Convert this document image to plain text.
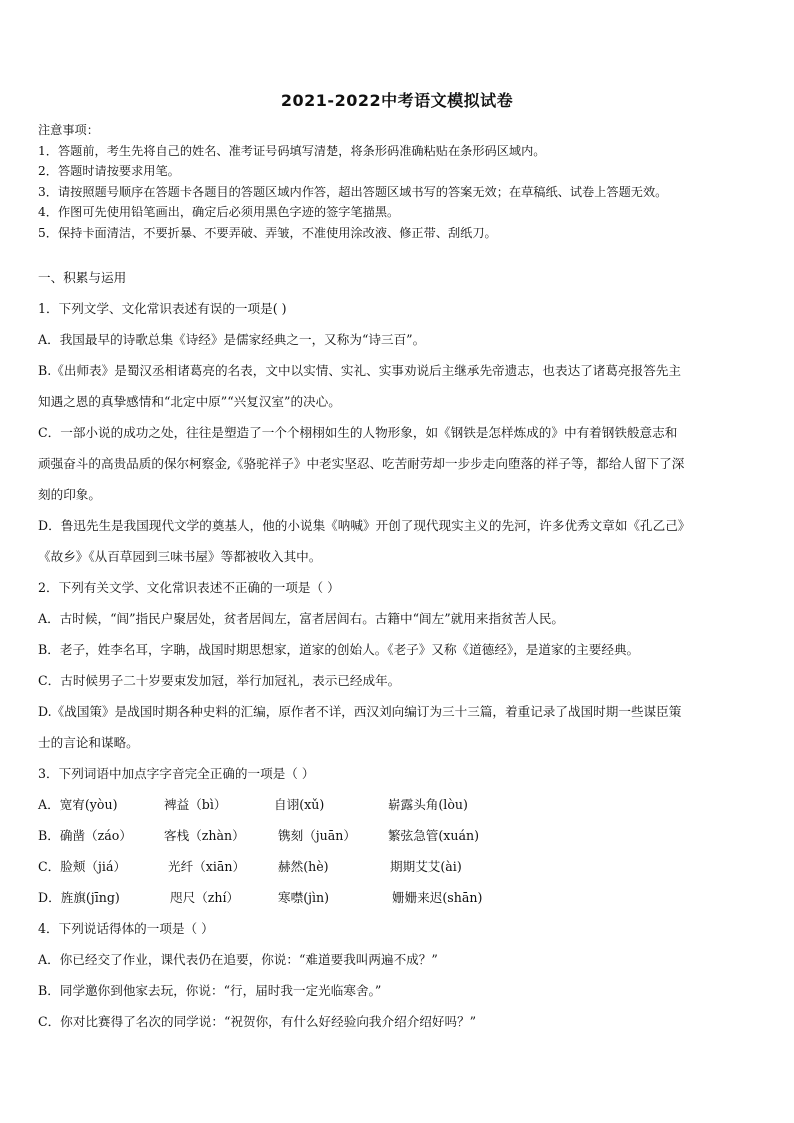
2021-2022中考语文模拟试卷
注意事项：
1．答题前，考生先将自己的姓名、准考证号码填写清楚，将条形码准确粘贴在条形码区域内。
2．答题时请按要求用笔。
3．请按照题号顺序在答题卡各题目的答题区域内作答，超出答题区域书写的答案无效；在草稿纸、试卷上答题无效。
4．作图可先使用铅笔画出，确定后必须用黑色字迹的签字笔描黑。
5．保持卡面清洁，不要折暴、不要弄破、弄皱，不准使用涂改液、修正带、刮纸刀。
一、积累与运用
1．下列文学、文化常识表述有误的一项是( )
A．我国最早的诗歌总集《诗经》是儒家经典之一，又称为“诗三百”。
B.《出师表》是蜀汉丞相诸葛亮的名表，文中以实情、实礼、实事劝说后主继承先帝遗志，也表达了诸葛亮报答先主
知遇之恩的真挚感情和“北定中原”“兴复汉室”的决心。
C．一部小说的成功之处，往往是塑造了一个个栩栩如生的人物形象，如《钢铁是怎样炼成的》中有着钢铁般意志和
顽强奋斗的高贵品质的保尔柯察金,《骆驼祥子》中老实坚忍、吃苦耐劳却一步步走向堕落的祥子等，都给人留下了深
刻的印象。
D．鲁迅先生是我国现代文学的奠基人，他的小说集《呐喊》开创了现代现实主义的先河，许多优秀文章如《孔乙己》
《故乡》《从百草园到三味书屋》等都被收入其中。
2．下列有关文学、文化常识表述不正确的一项是（ ）
A．古时候，“闾”指民户聚居处，贫者居闾左，富者居闾右。古籍中“闾左”就用来指贫苦人民。
B．老子，姓李名耳，字聃，战国时期思想家，道家的创始人。《老子》又称《道德经》，是道家的主要经典。
C．古时候男子二十岁要束发加冠，举行加冠礼，表示已经成年。
D.《战国策》是战国时期各种史料的汇编，原作者不详，西汉刘向编订为三十三篇，着重记录了战国时期一些谋臣策
士的言论和谋略。
3．下列词语中加点字字音完全正确的一项是（ ）
A．宽宥(yòu)	裨益（bì）	自诩(xǔ)	崭露头角(lòu)
B．确凿（záo）	客栈（zhàn）	镌刻（juān）	繁弦急管(xuán)
C．脸颊（jiá）	光纤（xiān）	赫然(hè)	期期艾艾(ài)
D．旌旗(jīng)	咫尺（zhí）	寒噤(jìn)	姗姗来迟(shān)
4．下列说话得体的一项是（ ）
A．你已经交了作业，课代表仍在追要，你说：“难道要我叫两遍不成？”
B．同学邀你到他家去玩，你说：“行，届时我一定光临寒舍。”
C．你对比赛得了名次的同学说：“祝贺你，有什么好经验向我介绍介绍好吗？”
